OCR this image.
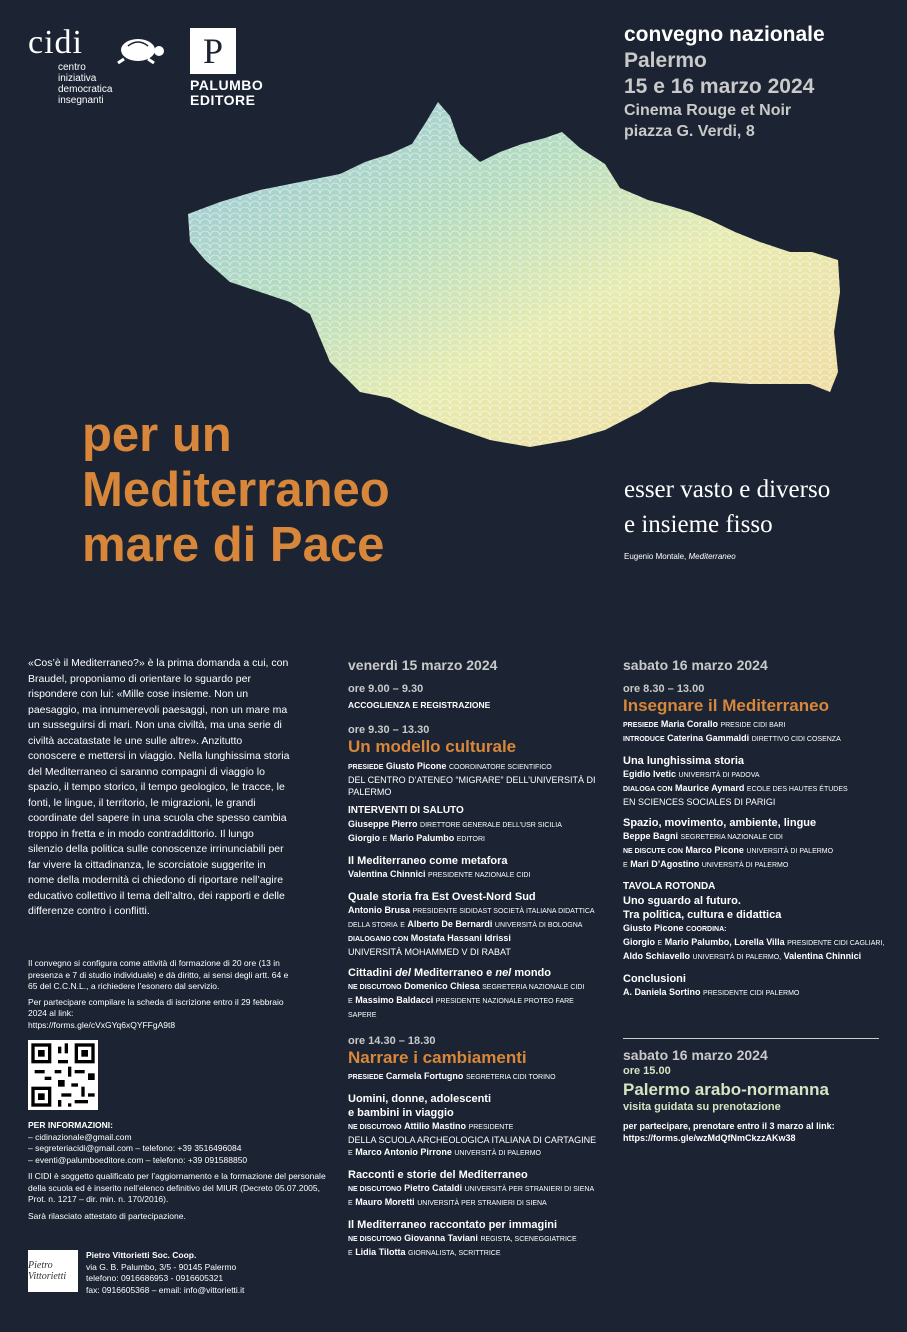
cidi
centro
iniziativa
democratica
insegnanti
P
PALUMBO
EDITORE
convegno nazionale
Palermo
15 e 16 marzo 2024
Cinema Rouge et Noir
piazza G. Verdi, 8
per un
Mediterraneo
mare di Pace
esser vasto e diverso
e insieme fisso
Eugenio Montale, Mediterraneo
«Cos’è il Mediterraneo?» è la prima domanda a cui, con Braudel, proponiamo di orientare lo sguardo per rispondere con lui: «Mille cose insieme. Non un paesaggio, ma innumerevoli paesaggi, non un mare ma un susseguirsi di mari. Non una civiltà, ma una serie di civiltà accatastate le une sulle altre». Anzitutto conoscere e mettersi in viaggio. Nella lunghissima storia del Mediterraneo ci saranno compagni di viaggio lo spazio, il tempo storico, il tempo geologico, le tracce, le fonti, le lingue, il territorio, le migrazioni, le grandi coordinate del sapere in una scuola che spesso cambia troppo in fretta e in modo contraddittorio. Il lungo silenzio della politica sulle conoscenze irrinunciabili per far vivere la cittadinanza, le scorciatoie suggerite in nome della modernità ci chiedono di riportare nell’agire educativo collettivo il tema dell’altro, dei rapporti e delle differenze contro i conflitti.
Il convegno si configura come attività di formazione di 20 ore (13 in presenza e 7 di studio individuale) e dà diritto, ai sensi degli artt. 64 e 65 del C.C.N.L., a richiedere l’esonero dal servizio.
Per partecipare compilare la scheda di iscrizione entro il 29 febbraio 2024 al link:
https://forms.gle/cVxGYq6xQYFFgA9t8
PER INFORMAZIONI:
– cidinazionale@gmail.com
– segreteriacidi@gmail.com – telefono: +39 3516496084
– eventi@palumboeditore.com – telefono: +39 091588850
Il CIDI è soggetto qualificato per l’aggiornamento e la formazione del personale della scuola ed è inserito nell’elenco definitivo del MIUR (Decreto 05.07.2005, Prot. n. 1217 – dir. min. n. 170/2016).
Sarà rilasciato attestato di partecipazione.
Pietro Vittorietti
Pietro Vittorietti Soc. Coop.
via G. B. Palumbo, 3/5 - 90145 Palermo
telefono: 0916686953 - 0916605321
fax: 0916605368 – email: info@vittorietti.it
venerdì 15 marzo 2024
ore 9.00 – 9.30
ACCOGLIENZA E REGISTRAZIONE
ore 9.30 – 13.30
Un modello culturale
PRESIEDE Giusto Picone COORDINATORE SCIENTIFICO
DEL CENTRO D’ATENEO “MIGRARE” DELL’UNIVERSITÀ DI PALERMO
INTERVENTI DI SALUTO
Giuseppe Pierro DIRETTORE GENERALE DELL’USR SICILIA
Giorgio E Mario Palumbo EDITORI
Il Mediterraneo come metafora
Valentina Chinnici PRESIDENTE NAZIONALE CIDI
Quale storia fra Est Ovest-Nord Sud
Antonio Brusa PRESIDENTE SIDIDAST SOCIETÀ ITALIANA DIDATTICA
DELLA STORIA E Alberto De Bernardi UNIVERSITÀ DI BOLOGNA
DIALOGANO CON Mostafa Hassani Idrissi
UNIVERSITÀ MOHAMMED V DI RABAT
Cittadini del Mediterraneo e nel mondo
NE DISCUTONO Domenico Chiesa SEGRETERIA NAZIONALE CIDI
E Massimo Baldacci PRESIDENTE NAZIONALE PROTEO FARE SAPERE
ore 14.30 – 18.30
Narrare i cambiamenti
PRESIEDE Carmela Fortugno SEGRETERIA CIDI TORINO
Uomini, donne, adolescenti
e bambini in viaggio
NE DISCUTONO Attilio Mastino PRESIDENTE
DELLA SCUOLA ARCHEOLOGICA ITALIANA DI CARTAGINE
E Marco Antonio Pirrone UNIVERSITÀ DI PALERMO
Racconti e storie del Mediterraneo
NE DISCUTONO Pietro Cataldi UNIVERSITÀ PER STRANIERI DI SIENA
E Mauro Moretti UNIVERSITÀ PER STRANIERI DI SIENA
Il Mediterraneo raccontato per immagini
NE DISCUTONO Giovanna Taviani REGISTA, SCENEGGIATRICE
E Lidia Tilotta GIORNALISTA, SCRITTRICE
sabato 16 marzo 2024
ore 8.30 – 13.00
Insegnare il Mediterraneo
PRESIEDE Maria Corallo PRESIDE CIDI BARI
INTRODUCE Caterina Gammaldi DIRETTIVO CIDI COSENZA
Una lunghissima storia
Egidio Ivetic UNIVERSITÀ DI PADOVA
DIALOGA CON Maurice Aymard ECOLE DES HAUTES ÉTUDES
EN SCIENCES SOCIALES DI PARIGI
Spazio, movimento, ambiente, lingue
Beppe Bagni SEGRETERIA NAZIONALE CIDI
NE DISCUTE CON Marco Picone UNIVERSITÀ DI PALERMO
E Mari D’Agostino UNIVERSITÀ DI PALERMO
TAVOLA ROTONDA
Uno sguardo al futuro.
Tra politica, cultura e didattica
Giusto Picone COORDINA:
Giorgio E Mario Palumbo, Lorella Villa PRESIDENTE CIDI CAGLIARI,
Aldo Schiavello UNIVERSITÀ DI PALERMO, Valentina Chinnici
Conclusioni
A. Daniela Sortino PRESIDENTE CIDI PALERMO
sabato 16 marzo 2024
ore 15.00
Palermo arabo-normanna
visita guidata su prenotazione
per partecipare, prenotare entro il 3 marzo al link:
https://forms.gle/wzMdQfNmCkzzAKw38
